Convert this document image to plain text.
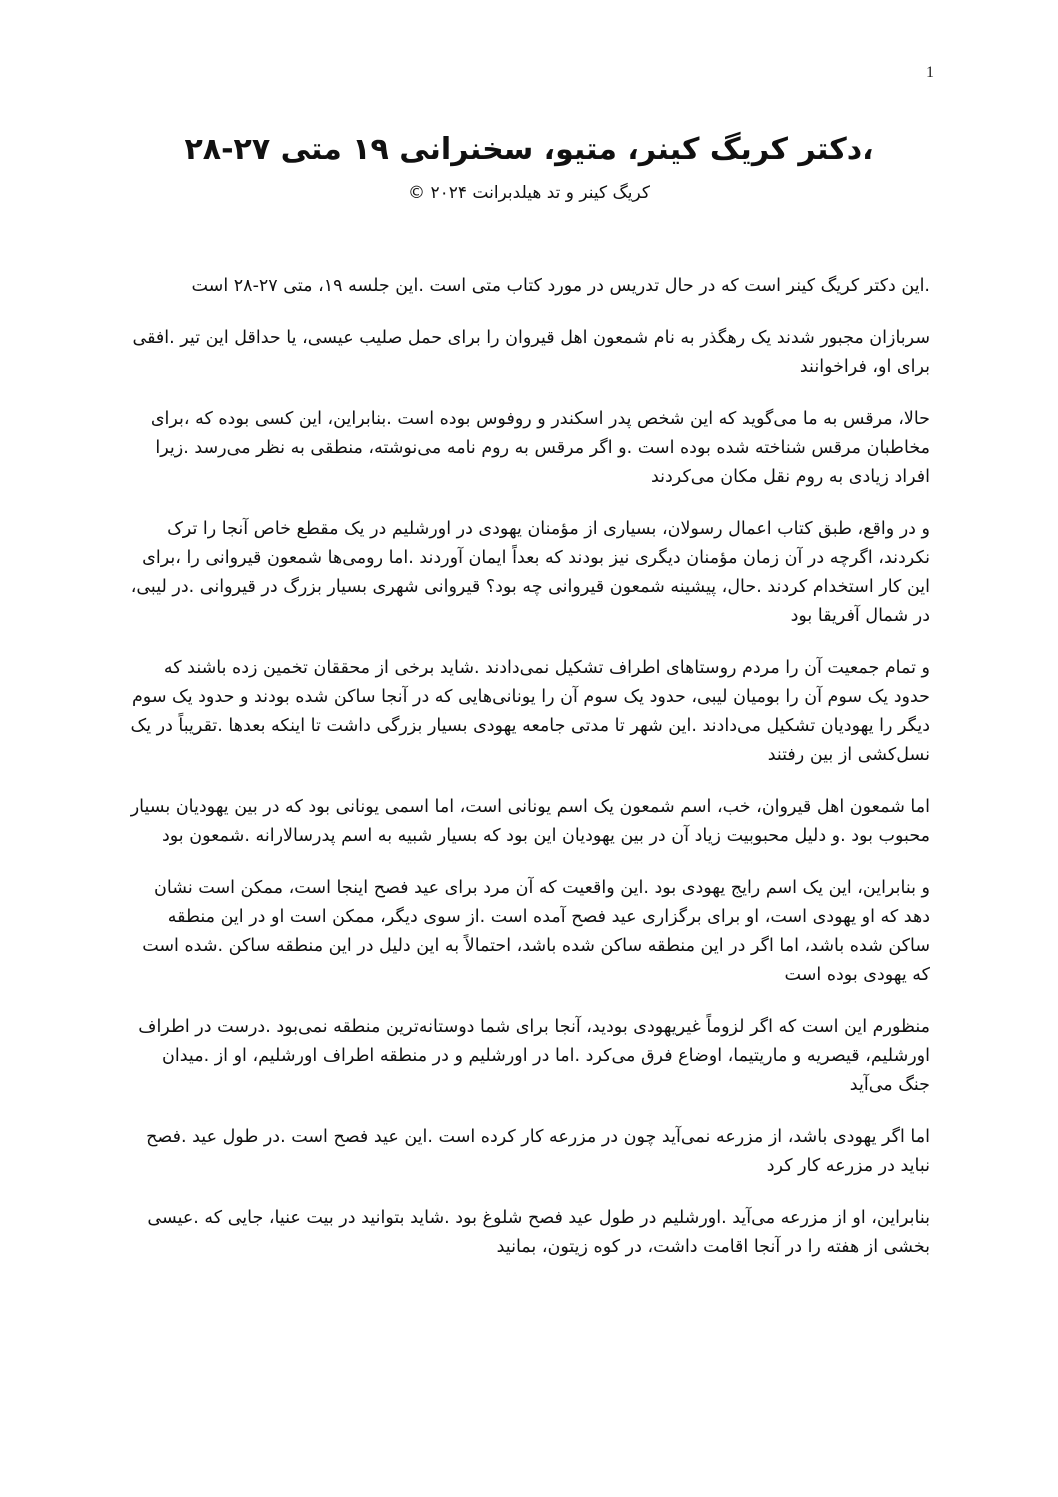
1
،دکتر کریگ کینر، متیو، سخنرانی ۱۹ متی ۲۷-۲۸
کریگ کینر و تد هیلدبرانت ۲۰۲۴ ©

.این دکتر کریگ کینر است که در حال تدریس در مورد کتاب متی است .این جلسه ۱۹، متی ۲۷-۲۸ است

سربازان مجبور شدند یک رهگذر به نام شمعون اهل قیروان را برای حمل صلیب عیسی، یا حداقل این تیر .افقی برای او، فراخوانند

حالا، مرقس به ما می‌گوید که این شخص پدر اسکندر و روفوس بوده است .بنابراین، این کسی بوده که ،برای مخاطبان مرقس شناخته شده بوده است .و اگر مرقس به روم نامه می‌نوشته، منطقی به نظر می‌رسد .زیرا افراد زیادی به روم نقل مکان می‌کردند

و در واقع، طبق کتاب اعمال رسولان، بسیاری از مؤمنان یهودی در اورشلیم در یک مقطع خاص آنجا را ترک نکردند، اگرچه در آن زمان مؤمنان دیگری نیز بودند که بعداً ایمان آوردند .اما رومی‌ها شمعون قیروانی را ،برای این کار استخدام کردند .حال، پیشینه شمعون قیروانی چه بود؟ قیروانی شهری بسیار بزرگ در قیروانی .در لیبی، در شمال آفریقا بود

و تمام جمعیت آن را مردم روستاهای اطراف تشکیل نمی‌دادند .شاید برخی از محققان تخمین زده باشند که حدود یک سوم آن را بومیان لیبی، حدود یک سوم آن را یونانی‌هایی که در آنجا ساکن شده بودند و حدود یک سوم دیگر را یهودیان تشکیل می‌دادند .این شهر تا مدتی جامعه یهودی بسیار بزرگی داشت تا اینکه بعدها .تقریباً در یک نسل‌کشی از بین رفتند

اما شمعون اهل قیروان، خب، اسم شمعون یک اسم یونانی است، اما اسمی یونانی بود که در بین یهودیان بسیار محبوب بود .و دلیل محبوبیت زیاد آن در بین یهودیان این بود که بسیار شبیه به اسم پدرسالارانه .شمعون بود

و بنابراین، این یک اسم رایج یهودی بود .این واقعیت که آن مرد برای عید فصح اینجا است، ممکن است نشان دهد که او یهودی است، او برای برگزاری عید فصح آمده است .از سوی دیگر، ممکن است او در این منطقه ساکن شده باشد، اما اگر در این منطقه ساکن شده باشد، احتمالاً به این دلیل در این منطقه ساکن .شده است که یهودی بوده است

منظورم این است که اگر لزوماً غیریهودی بودید، آنجا برای شما دوستانه‌ترین منطقه نمی‌بود .درست در اطراف اورشلیم، قیصریه و ماریتیما، اوضاع فرق می‌کرد .اما در اورشلیم و در منطقه اطراف اورشلیم، او از .میدان جنگ می‌آید

اما اگر یهودی باشد، از مزرعه نمی‌آید چون در مزرعه کار کرده است .این عید فصح است .در طول عید .فصح نباید در مزرعه کار کرد

بنابراین، او از مزرعه می‌آید .اورشلیم در طول عید فصح شلوغ بود .شاید بتوانید در بیت عنیا، جایی که .عیسی بخشی از هفته را در آنجا اقامت داشت، در کوه زیتون، بمانید
